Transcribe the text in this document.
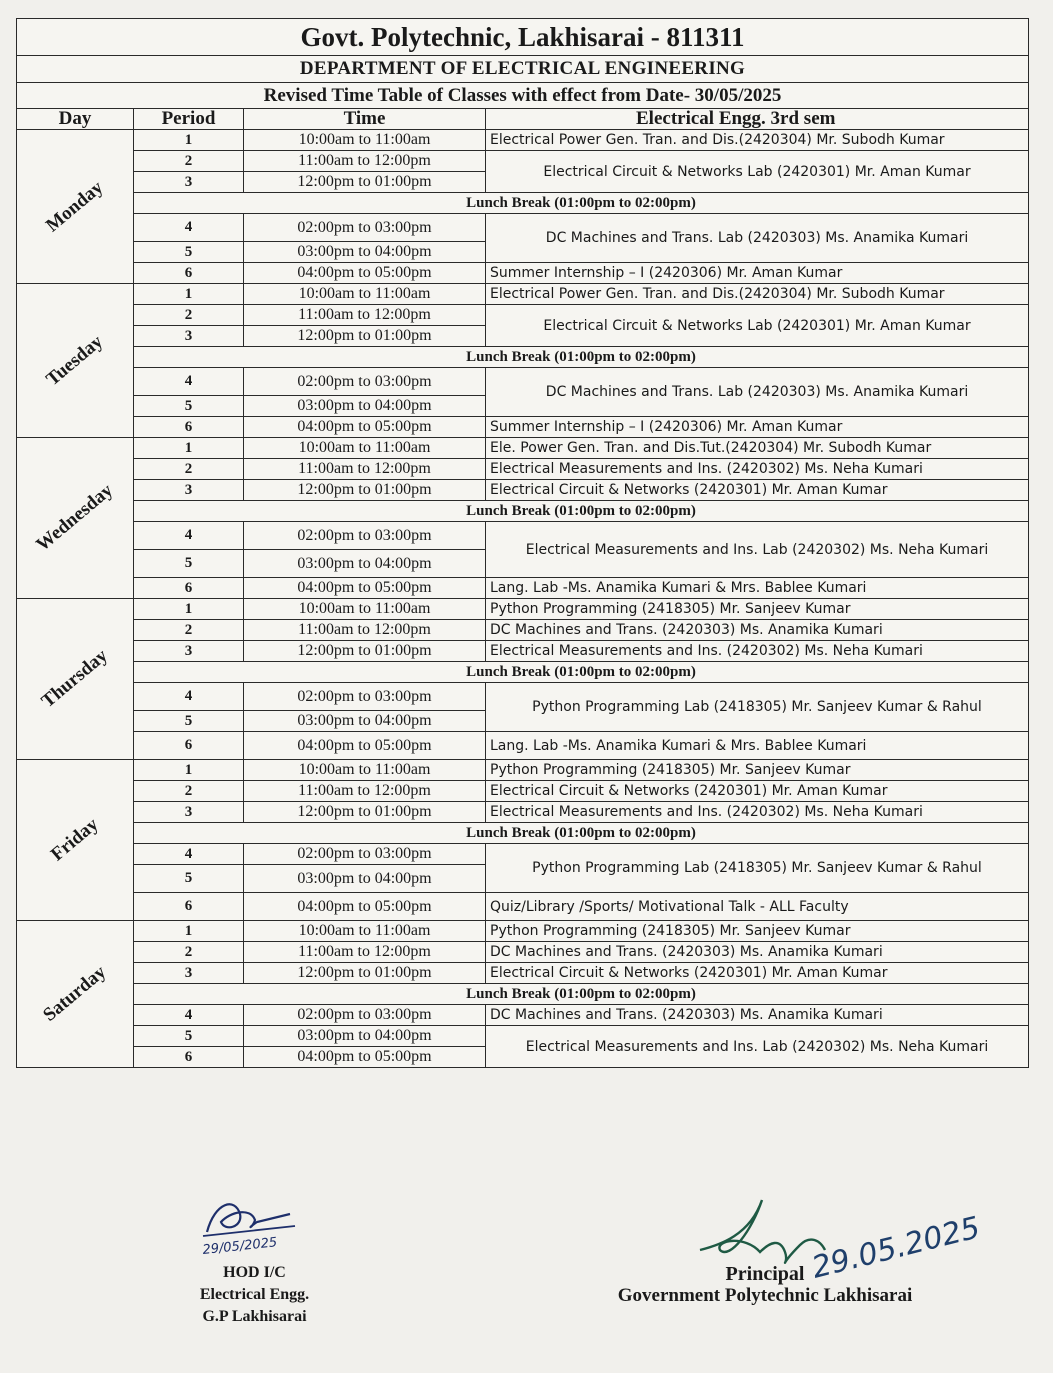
Govt. Polytechnic, Lakhisarai - 811311			
DEPARTMENT OF ELECTRICAL ENGINEERING			
Revised Time Table of Classes with effect from Date- 30/05/2025			
Day	Period	Time	Electrical Engg. 3rd sem

Monday	1	10:00am to 11:00am	Electrical Power Gen. Tran. and Dis.(2420304) Mr. Subodh Kumar
	2	11:00am to 12:00pm	Electrical Circuit & Networks Lab (2420301) Mr. Aman Kumar
	3	12:00pm to 01:00pm	
	Lunch Break (01:00pm to 02:00pm)		
	4	02:00pm to 03:00pm	DC Machines and Trans. Lab (2420303) Ms. Anamika Kumari
	5	03:00pm to 04:00pm	
	6	04:00pm to 05:00pm	Summer Internship – I (2420306) Mr. Aman Kumar

Tuesday	1	10:00am to 11:00am	Electrical Power Gen. Tran. and Dis.(2420304) Mr. Subodh Kumar
	2	11:00am to 12:00pm	Electrical Circuit & Networks Lab (2420301) Mr. Aman Kumar
	3	12:00pm to 01:00pm	
	Lunch Break (01:00pm to 02:00pm)		
	4	02:00pm to 03:00pm	DC Machines and Trans. Lab (2420303) Ms. Anamika Kumari
	5	03:00pm to 04:00pm	
	6	04:00pm to 05:00pm	Summer Internship – I (2420306) Mr. Aman Kumar

Wednesday	1	10:00am to 11:00am	Ele. Power Gen. Tran. and Dis.Tut.(2420304) Mr. Subodh Kumar
	2	11:00am to 12:00pm	Electrical Measurements and Ins. (2420302) Ms. Neha Kumari
	3	12:00pm to 01:00pm	Electrical Circuit & Networks (2420301) Mr. Aman Kumar
	Lunch Break (01:00pm to 02:00pm)		
	4	02:00pm to 03:00pm	Electrical Measurements and Ins. Lab (2420302) Ms. Neha Kumari
	5	03:00pm to 04:00pm	
	6	04:00pm to 05:00pm	Lang. Lab -Ms. Anamika Kumari & Mrs. Bablee Kumari

Thursday	1	10:00am to 11:00am	Python Programming (2418305) Mr. Sanjeev Kumar
	2	11:00am to 12:00pm	DC Machines and Trans. (2420303) Ms. Anamika Kumari
	3	12:00pm to 01:00pm	Electrical Measurements and Ins. (2420302) Ms. Neha Kumari
	Lunch Break (01:00pm to 02:00pm)		
	4	02:00pm to 03:00pm	Python Programming Lab (2418305) Mr. Sanjeev Kumar & Rahul
	5	03:00pm to 04:00pm	
	6	04:00pm to 05:00pm	Lang. Lab -Ms. Anamika Kumari & Mrs. Bablee Kumari

Friday	1	10:00am to 11:00am	Python Programming (2418305) Mr. Sanjeev Kumar
	2	11:00am to 12:00pm	Electrical Circuit & Networks (2420301) Mr. Aman Kumar
	3	12:00pm to 01:00pm	Electrical Measurements and Ins. (2420302) Ms. Neha Kumari
	Lunch Break (01:00pm to 02:00pm)		
	4	02:00pm to 03:00pm	Python Programming Lab (2418305) Mr. Sanjeev Kumar & Rahul
	5	03:00pm to 04:00pm	
	6	04:00pm to 05:00pm	Quiz/Library /Sports/ Motivational Talk - ALL Faculty

Saturday	1	10:00am to 11:00am	Python Programming (2418305) Mr. Sanjeev Kumar
	2	11:00am to 12:00pm	DC Machines and Trans. (2420303) Ms. Anamika Kumari
	3	12:00pm to 01:00pm	Electrical Circuit & Networks (2420301) Mr. Aman Kumar
	Lunch Break (01:00pm to 02:00pm)		
	4	02:00pm to 03:00pm	DC Machines and Trans. (2420303) Ms. Anamika Kumari
	5	03:00pm to 04:00pm	Electrical Measurements and Ins. Lab (2420302) Ms. Neha Kumari
	6	04:00pm to 05:00pm	
29/05/2025
HOD I/C
Electrical Engg.
G.P Lakhisarai
29.05.2025
Principal
Government Polytechnic Lakhisarai
